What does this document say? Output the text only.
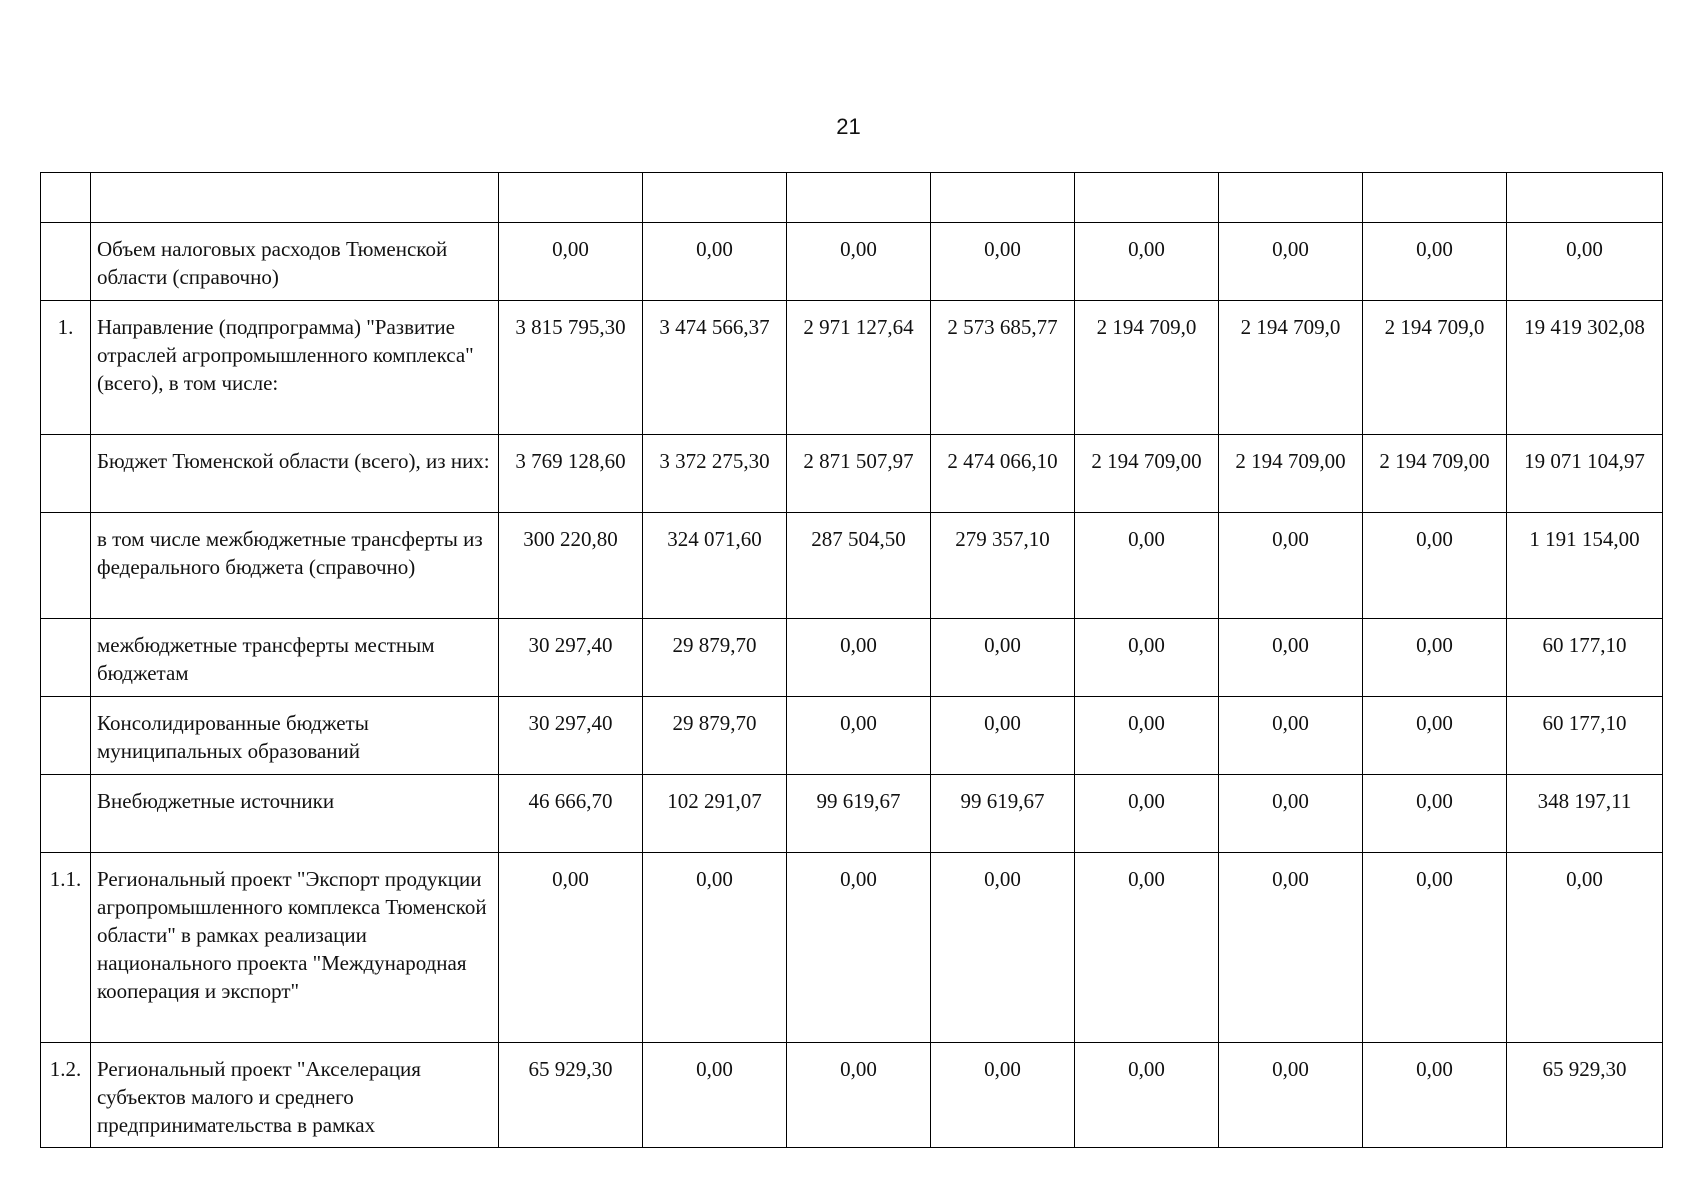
21

	Объем налоговых расходов Тюменской области (справочно)	0,00	0,00	0,00	0,00	0,00	0,00	0,00	0,00
1.	Направление (подпрограмма) "Развитие отраслей агропромышленного комплекса" (всего), в том числе:	3 815 795,30	3 474 566,37	2 971 127,64	2 573 685,77	2 194 709,0	2 194 709,0	2 194 709,0	19 419 302,08
	Бюджет Тюменской области (всего), из них:	3 769 128,60	3 372 275,30	2 871 507,97	2 474 066,10	2 194 709,00	2 194 709,00	2 194 709,00	19 071 104,97
	в том числе межбюджетные трансферты из федерального бюджета (справочно)	300 220,80	324 071,60	287 504,50	279 357,10	0,00	0,00	0,00	1 191 154,00
	межбюджетные трансферты местным бюджетам	30 297,40	29 879,70	0,00	0,00	0,00	0,00	0,00	60 177,10
	Консолидированные бюджеты муниципальных образований	30 297,40	29 879,70	0,00	0,00	0,00	0,00	0,00	60 177,10
	Внебюджетные источники	46 666,70	102 291,07	99 619,67	99 619,67	0,00	0,00	0,00	348 197,11
1.1.	Региональный проект "Экспорт продукции агропромышленного комплекса Тюменской области" в рамках реализации национального проекта "Международная кооперация и экспорт"	0,00	0,00	0,00	0,00	0,00	0,00	0,00	0,00
1.2.	Региональный проект "Акселерация субъектов малого и среднего предпринимательства в рамках	65 929,30	0,00	0,00	0,00	0,00	0,00	0,00	65 929,30
